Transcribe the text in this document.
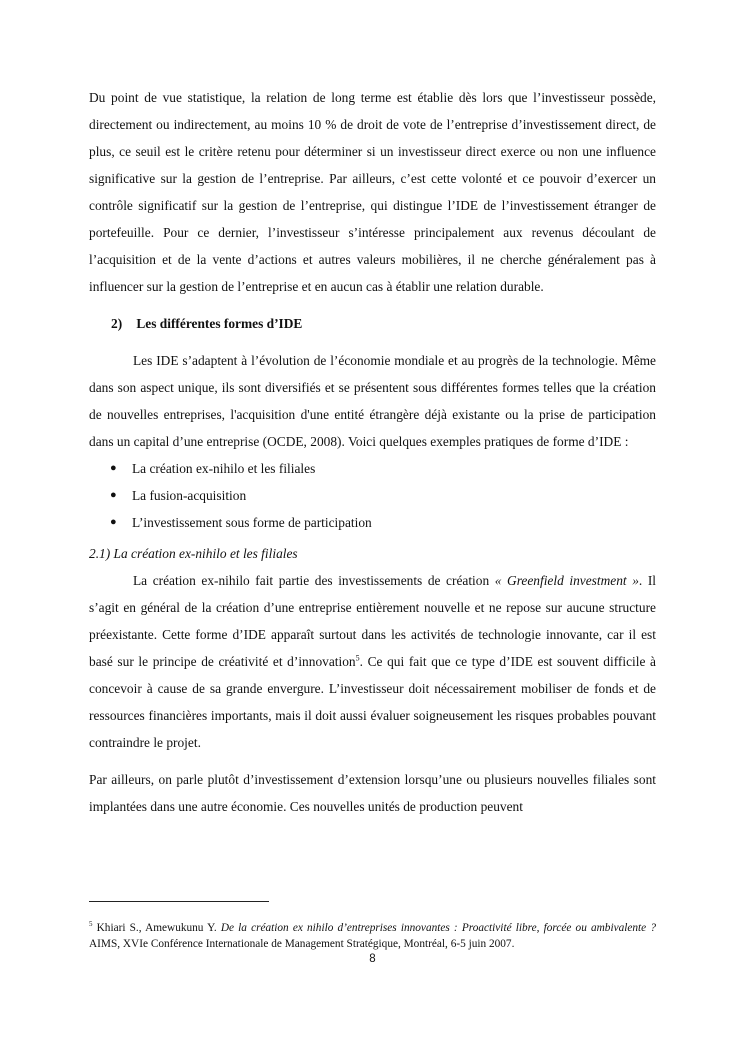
Du point de vue statistique, la relation de long terme est établie dès lors que l’investisseur possède, directement ou indirectement, au moins 10 % de droit de vote de l’entreprise d’investissement direct, de plus, ce seuil est le critère retenu pour déterminer si un investisseur direct exerce ou non une influence significative sur la gestion de l’entreprise. Par ailleurs, c’est cette volonté et ce pouvoir d’exercer un contrôle significatif sur la gestion de l’entreprise, qui distingue l’IDE de l’investissement étranger de portefeuille. Pour ce dernier, l’investisseur s’intéresse principalement aux revenus découlant de l’acquisition et de la vente d’actions et autres valeurs mobilières, il ne cherche généralement pas à influencer sur la gestion de l’entreprise et en aucun cas à établir une relation durable.

2) Les différentes formes d’IDE

Les IDE s’adaptent à l’évolution de l’économie mondiale et au progrès de la technologie. Même dans son aspect unique, ils sont diversifiés et se présentent sous différentes formes telles que la création de nouvelles entreprises, l'acquisition d'une entité étrangère déjà existante ou la prise de participation dans un capital d’une entreprise (OCDE, 2008). Voici quelques exemples pratiques de forme d’IDE :

● La création ex-nihilo et les filiales
● La fusion-acquisition
● L’investissement sous forme de participation

2.1) La création ex-nihilo et les filiales

La création ex-nihilo fait partie des investissements de création « Greenfield investment ». Il s’agit en général de la création d’une entreprise entièrement nouvelle et ne repose sur aucune structure préexistante. Cette forme d’IDE apparaît surtout dans les activités de technologie innovante, car il est basé sur le principe de créativité et d’innovation$^5$. Ce qui fait que ce type d’IDE est souvent difficile à concevoir à cause de sa grande envergure. L’investisseur doit nécessairement mobiliser de fonds et de ressources financières importants, mais il doit aussi évaluer soigneusement les risques probables pouvant contraindre le projet.

Par ailleurs, on parle plutôt d’investissement d’extension lorsqu’une ou plusieurs nouvelles filiales sont implantées dans une autre économie. Ces nouvelles unités de production peuvent

$^5$ Khiari S., Amewukunu Y. De la création ex nihilo d’entreprises innovantes : Proactivité libre, forcée ou ambivalente ? AIMS, XVIe Conférence Internationale de Management Stratégique, Montréal, 6-5 juin 2007.
8
